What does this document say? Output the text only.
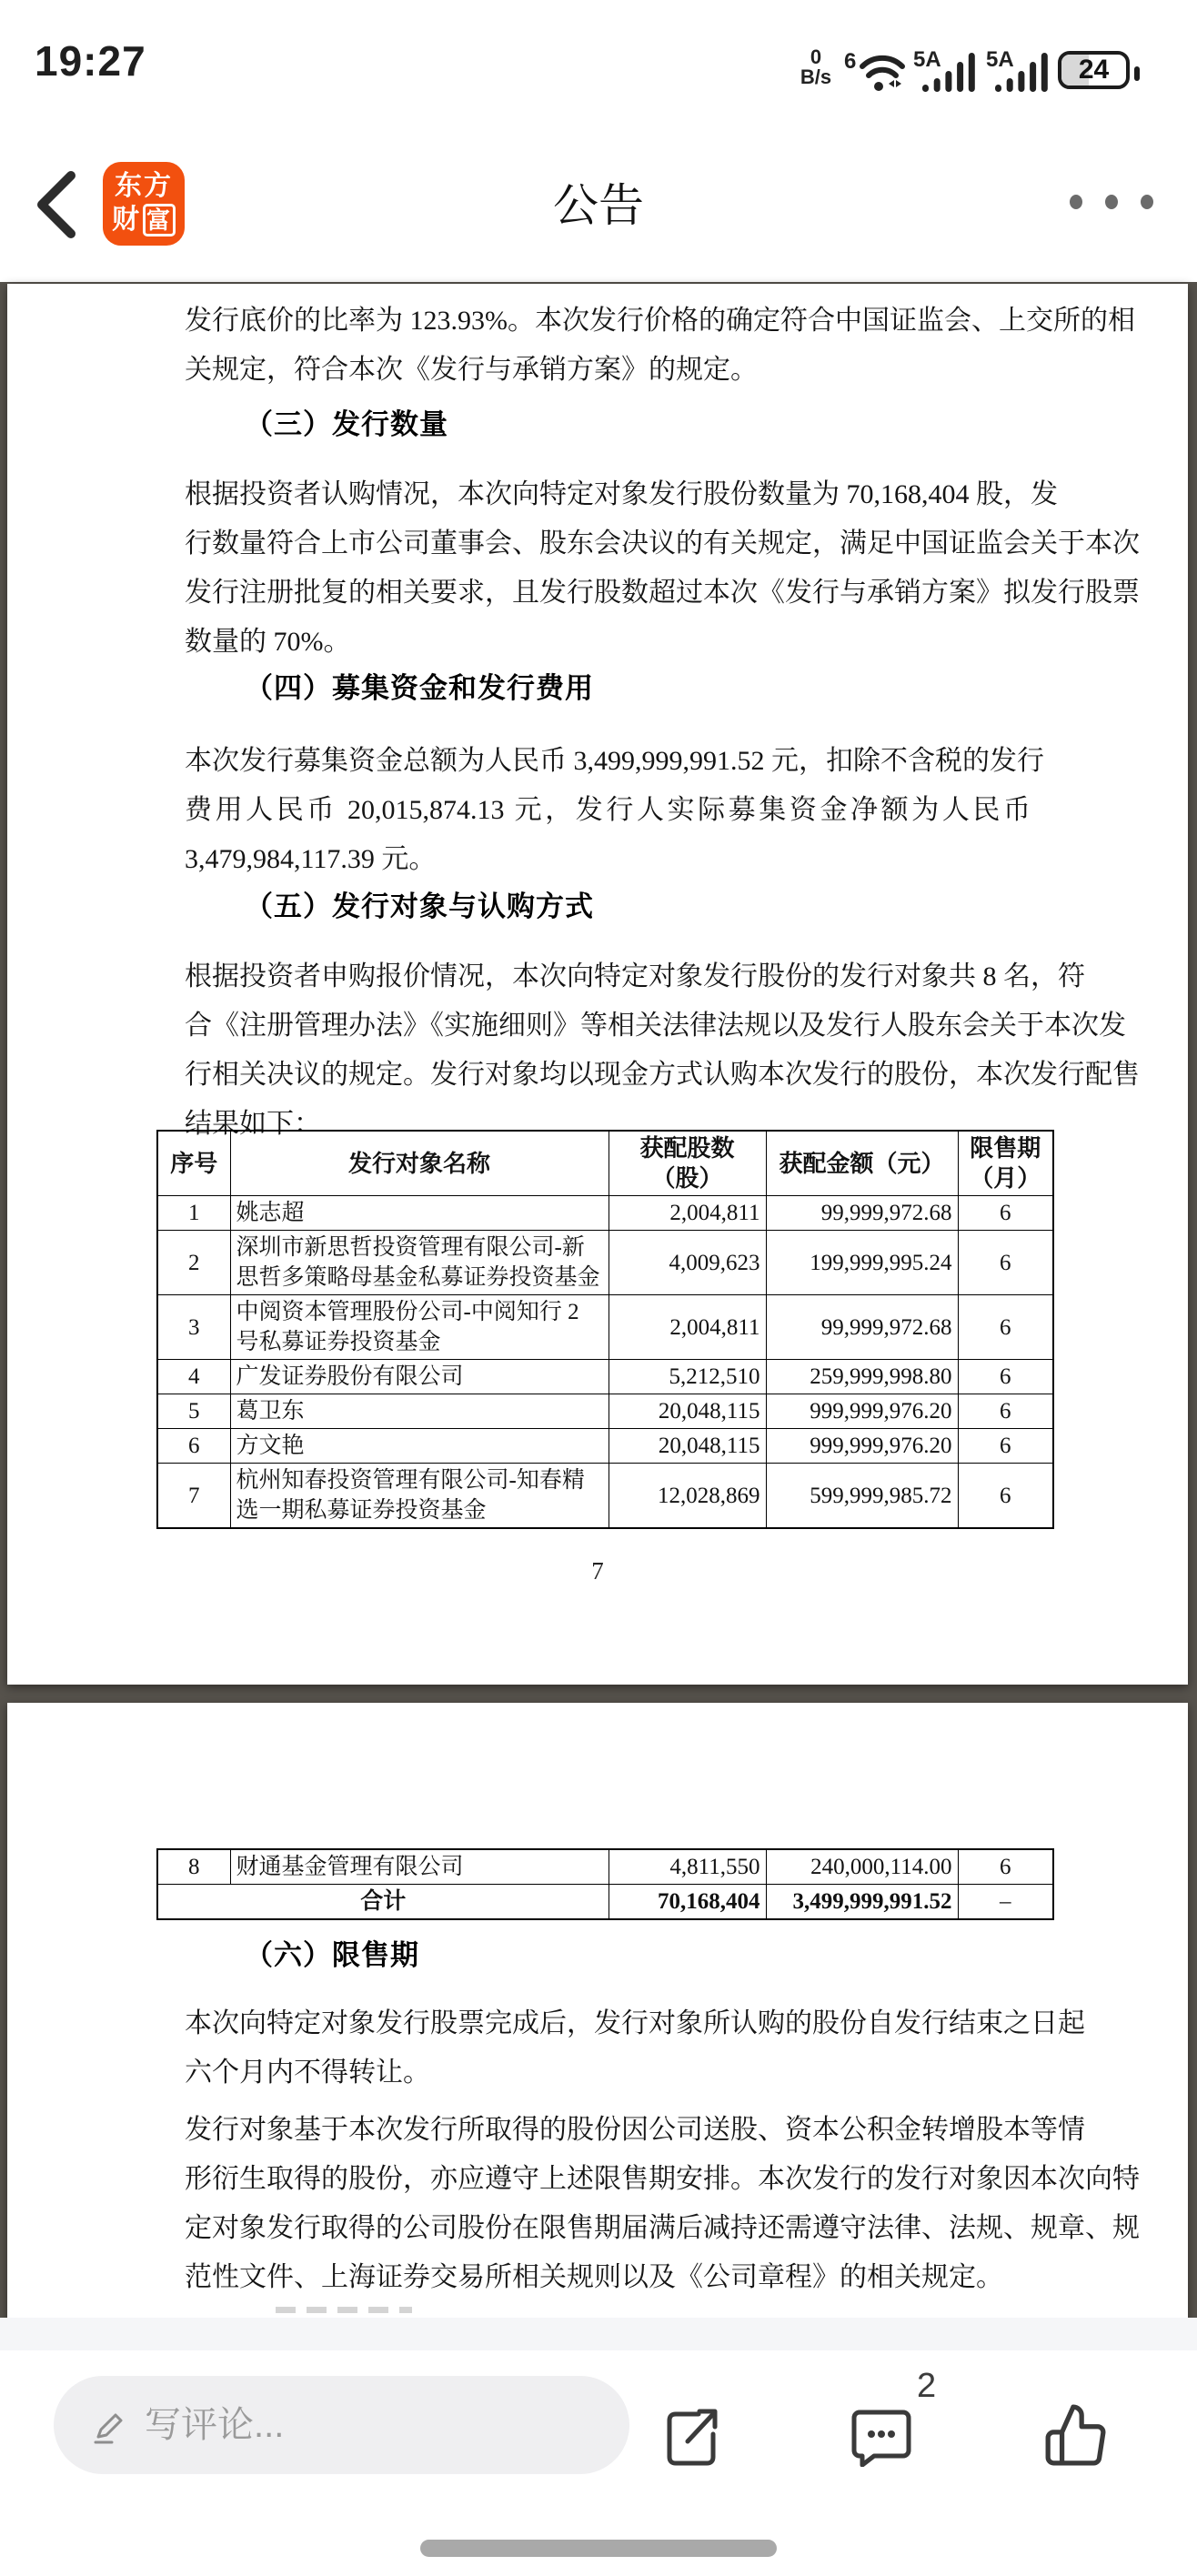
19:27	0
B/s
6	5A 5A	24
东方
财 富	公告
发行底价的比率为 123.93%。本次发行价格的确定符合中国证监会、上交所的相
关规定，符合本次《发行与承销方案》的规定。
（三）发行数量
根据投资者认购情况，本次向特定对象发行股份数量为 70,168,404 股，发
行数量符合上市公司董事会、股东会决议的有关规定，满足中国证监会关于本次
发行注册批复的相关要求，且发行股数超过本次《发行与承销方案》拟发行股票
数量的 70%。
（四）募集资金和发行费用
本次发行募集资金总额为人民币 3,499,999,991.52 元，扣除不含税的发行
费用人民币 20,015,874.13 元，发行人实际募集资金净额为人民币
3,479,984,117.39 元。
（五）发行对象与认购方式
根据投资者申购报价情况，本次向特定对象发行股份的发行对象共 8 名，符
合《注册管理办法》《实施细则》等相关法律法规以及发行人股东会关于本次发
行相关决议的规定。发行对象均以现金方式认购本次发行的股份，本次发行配售
结果如下：
序号	发行对象名称	获配股数（股）	获配金额（元）	限售期（月）
1	姚志超	2,004,811	99,999,972.68	6
2	深圳市新思哲投资管理有限公司-新思哲多策略母基金私募证券投资基金	4,009,623	199,999,995.24	6
3	中阅资本管理股份公司-中阅知行 2 号私募证券投资基金	2,004,811	99,999,972.68	6
4	广发证券股份有限公司	5,212,510	259,999,998.80	6
5	葛卫东	20,048,115	999,999,976.20	6
6	方文艳	20,048,115	999,999,976.20	6
7	杭州知春投资管理有限公司-知春精选一期私募证券投资基金	12,028,869	599,999,985.72	6
7
8	财通基金管理有限公司	4,811,550	240,000,114.00	6
合计		70,168,404	3,499,999,991.52	–
（六）限售期
本次向特定对象发行股票完成后，发行对象所认购的股份自发行结束之日起
六个月内不得转让。
发行对象基于本次发行所取得的股份因公司送股、资本公积金转增股本等情
形衍生取得的股份，亦应遵守上述限售期安排。本次发行的发行对象因本次向特
定对象发行取得的公司股份在限售期届满后减持还需遵守法律、法规、规章、规
范性文件、上海证券交易所相关规则以及《公司章程》的相关规定。
写评论...
2
